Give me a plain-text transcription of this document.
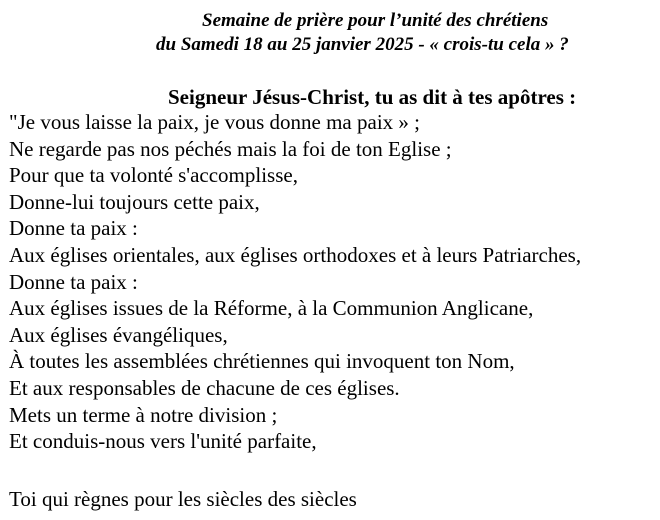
Semaine de prière pour l’unité des chrétiens
du Samedi 18 au 25 janvier 2025 - « crois-tu cela » ?
Seigneur Jésus-Christ, tu as dit à tes apôtres :
"Je vous laisse la paix, je vous donne ma paix » ;
Ne regarde pas nos péchés mais la foi de ton Eglise ;
Pour que ta volonté s'accomplisse,
Donne-lui toujours cette paix,
Donne ta paix :
Aux églises orientales, aux églises orthodoxes et à leurs Patriarches,
Donne ta paix :
Aux églises issues de la Réforme, à la Communion Anglicane,
Aux églises évangéliques,
À toutes les assemblées chrétiennes qui invoquent ton Nom,
Et aux responsables de chacune de ces églises.
Mets un terme à notre division ;
Et conduis-nous vers l'unité parfaite,
Toi qui règnes pour les siècles des siècles
